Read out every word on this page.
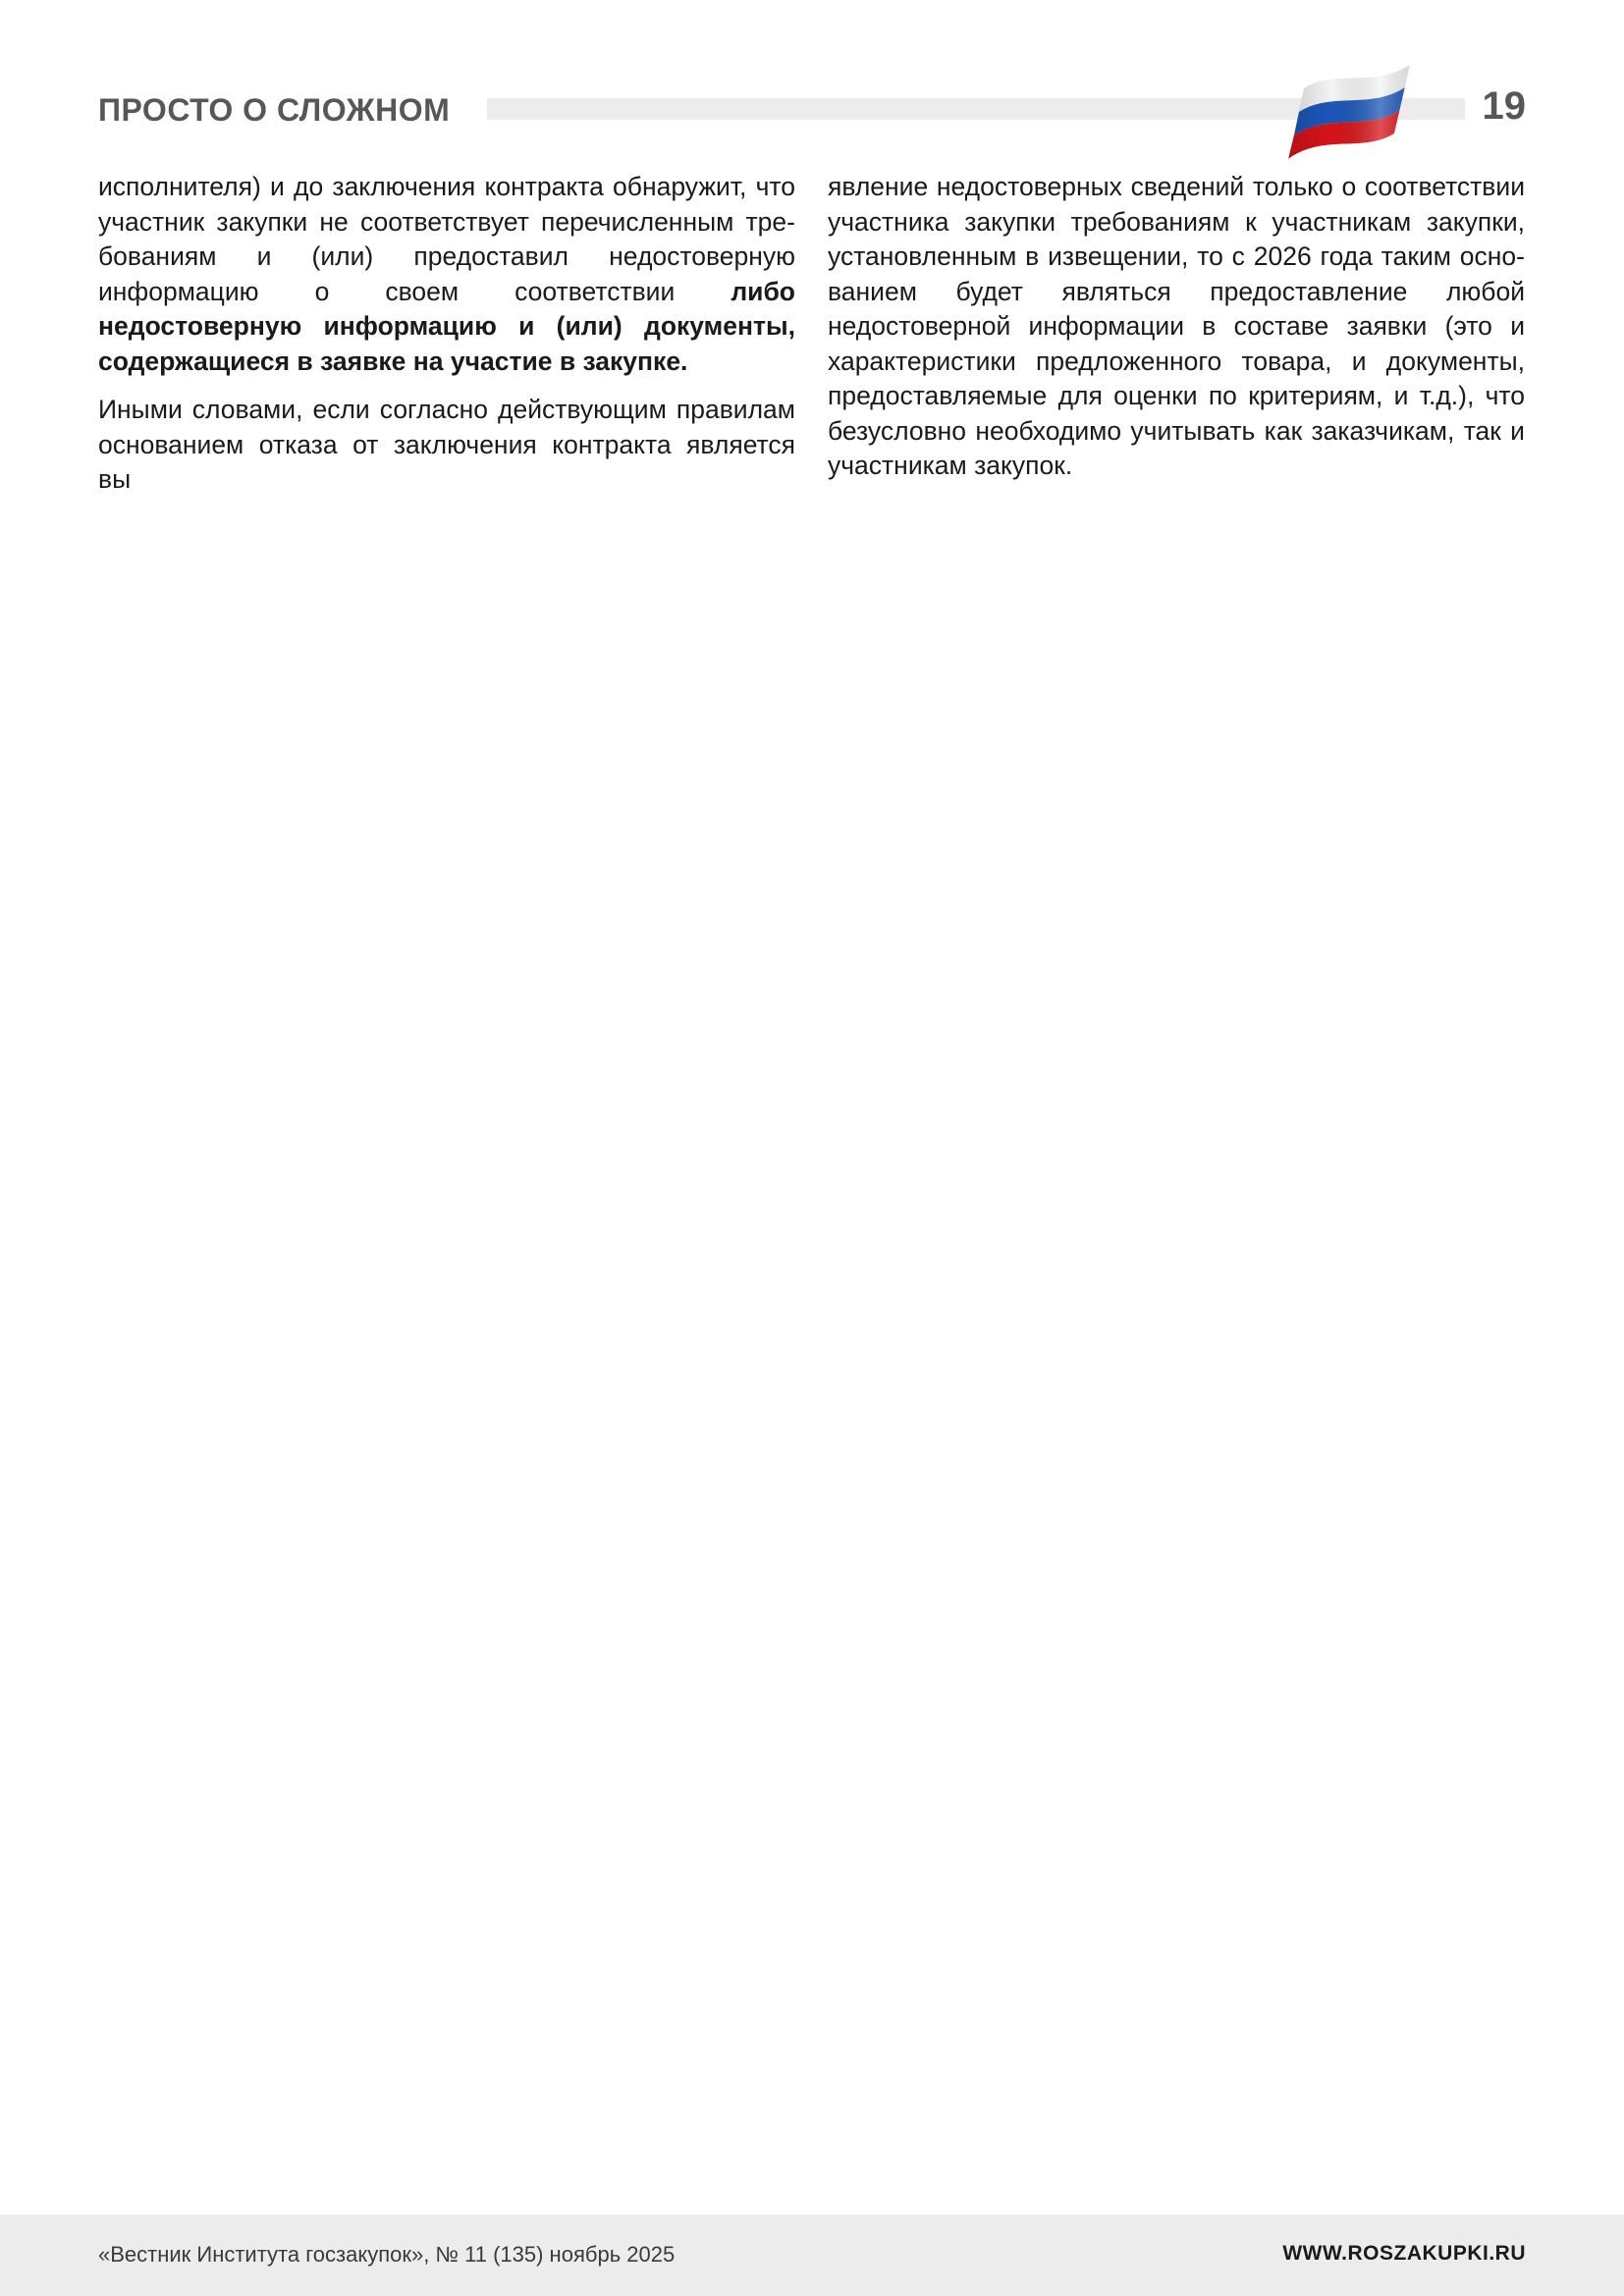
ПРОСТО О СЛОЖНОМ	19

исполнителя) и до заключения контракта обнаружит, что участник закупки не соответствует перечисленным требованиям и (или) предоставил недостоверную информацию о своем соответствии либо недостоверную информацию и (или) документы, содержащиеся в заявке на участие в закупке.

Иными словами, если согласно действующим правилам основанием отказа от заключения контракта является вы

явление недостоверных сведений только о соответствии участника закупки требованиям к участникам закупки, установленным в извещении, то с 2026 года таким основанием будет являться предоставление любой недостоверной информации в составе заявки (это и характеристики предложенного товара, и документы, предоставляемые для оценки по критериям, и т.д.), что безусловно необходимо учитывать как заказчикам, так и участникам закупок.

«Вестник Института госзакупок», № 11 (135) ноябрь 2025	WWW.ROSZAKUPKI.RU
